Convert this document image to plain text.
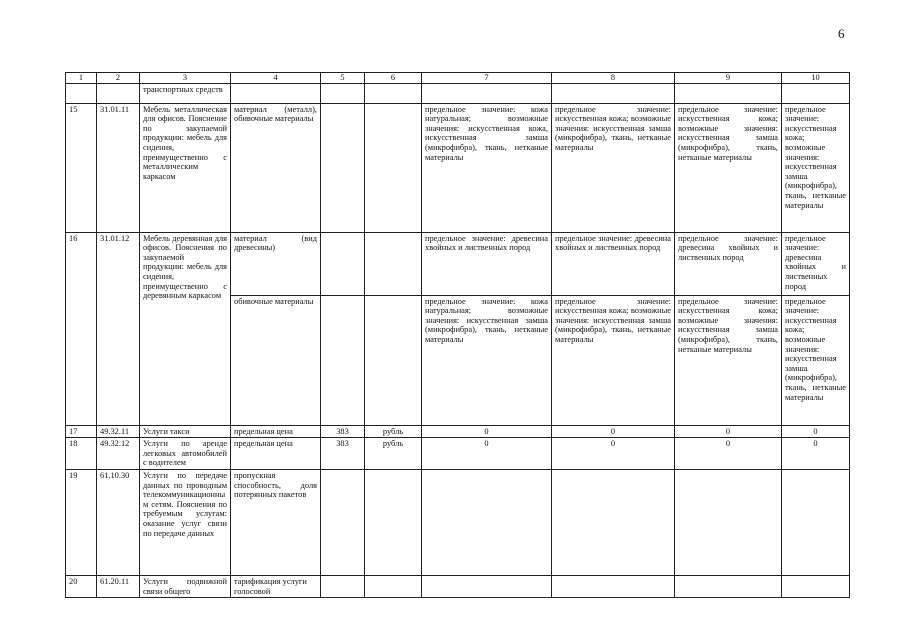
6
1	2	3	4	5	6	7	8	9	10
		транспортных средств							
15	31.01.11	Мебель металлическая для офисов. Пояснение по закупаемой продукции: мебель для сидения, преимущественно с металлическим каркасом	материал (металл), обивочные материалы			предельное значение: кожа натуральная; возможные значения: искусственная кожа, искусственная замша (микрофибра), ткань, нетканые материалы	предельное значение: искусственная кожа; возможные значения: искусственная замша (микрофибра), ткань, нетканые материалы	предельное значение: искусственная кожа; возможные значения: искусственная замша (микрофибра), ткань, нетканые материалы	предельное значение: искусственная кожа; возможные значения: искусственная замша (микрофибра), ткань, нетканые материалы
16	31.01.12	Мебель деревянная для офисов. Пояснения по закупаемой продукции: мебель для сидения, преимущественно с деревянным каркасом	материал (вид древесины)			предельное значение: древесина хвойных и лиственных пород	предельное значение: древесина хвойных и лиственных пород	предельное значение: древесина хвойных и лиственных пород	предельное значение: древесина хвойных и лиственных пород
			обивочные материалы			предельное значение: кожа натуральная; возможные значения: искусственная замша (микрофибра), ткань, нетканые материалы	предельное значение: искусственная кожа; возможные значения: искусственная замша (микрофибра), ткань, нетканые материалы	предельное значение: искусственная кожа; возможные значения: искусственная замша (микрофибра), ткань, нетканые материалы	предельное значение: искусственная кожа; возможные значения: искусственная замша (микрофибра), ткань, нетканые материалы
17	49.32.11	Услуги такси	предельная цена	383	рубль	0	0	0	0
18	49.32.12	Услуги по аренде легковых автомобилей с водителем	предельная цена	383	рубль	0	0	0	0
19	61.10.30	Услуги по передаче данных по проводным телекоммуникационным сетям. Пояснения по требуемым услугам: оказание услуг связи по передаче данных	пропускная способность, доля потерянных пакетов						
20	61.20.11	Услуги подвижной связи общего	тарификация услуги голосовой						
